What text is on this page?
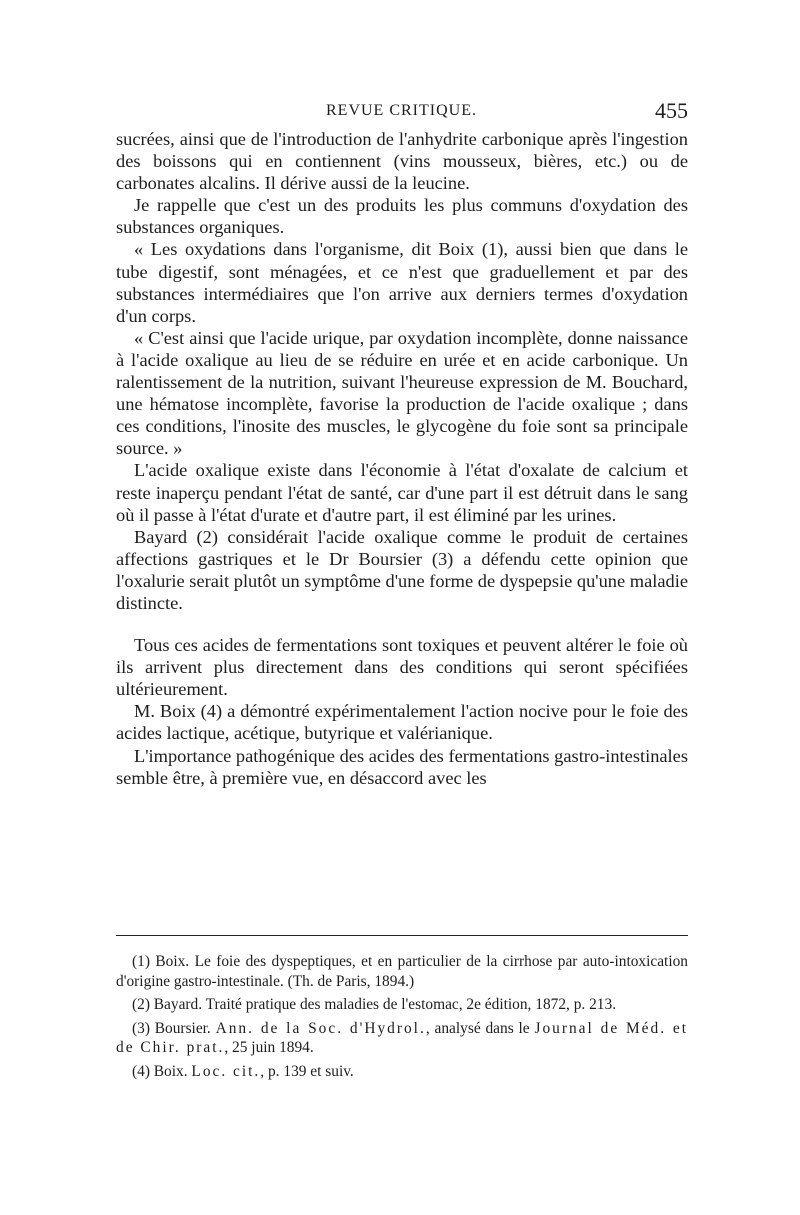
REVUE CRITIQUE.	455

sucrées, ainsi que de l'introduction de l'anhydrite carbonique après l'ingestion des boissons qui en contiennent (vins mousseux, bières, etc.) ou de carbonates alcalins. Il dérive aussi de la leucine.

Je rappelle que c'est un des produits les plus communs d'oxydation des substances organiques.

« Les oxydations dans l'organisme, dit Boix (1), aussi bien que dans le tube digestif, sont ménagées, et ce n'est que graduellement et par des substances intermédiaires que l'on arrive aux derniers termes d'oxydation d'un corps.

« C'est ainsi que l'acide urique, par oxydation incomplète, donne naissance à l'acide oxalique au lieu de se réduire en urée et en acide carbonique. Un ralentissement de la nutrition, suivant l'heureuse expression de M. Bouchard, une hématose incomplète, favorise la production de l'acide oxalique ; dans ces conditions, l'inosite des muscles, le glycogène du foie sont sa principale source. »

L'acide oxalique existe dans l'économie à l'état d'oxalate de calcium et reste inaperçu pendant l'état de santé, car d'une part il est détruit dans le sang où il passe à l'état d'urate et d'autre part, il est éliminé par les urines.

Bayard (2) considérait l'acide oxalique comme le produit de certaines affections gastriques et le Dr Boursier (3) a défendu cette opinion que l'oxalurie serait plutôt un symptôme d'une forme de dyspepsie qu'une maladie distincte.

Tous ces acides de fermentations sont toxiques et peuvent altérer le foie où ils arrivent plus directement dans des conditions qui seront spécifiées ultérieurement.

M. Boix (4) a démontré expérimentalement l'action nocive pour le foie des acides lactique, acétique, butyrique et valérianique.

L'importance pathogénique des acides des fermentations gastro-intestinales semble être, à première vue, en désaccord avec les

(1) Boix. Le foie des dyspeptiques, et en particulier de la cirrhose par auto-intoxication d'origine gastro-intestinale. (Th. de Paris, 1894.)

(2) Bayard. Traité pratique des maladies de l'estomac, 2e édition, 1872, p. 213.

(3) Boursier. Ann. de la Soc. d'Hydrol., analysé dans le Journal de Méd. et de Chir. prat., 25 juin 1894.

(4) Boix. Loc. cit., p. 139 et suiv.
